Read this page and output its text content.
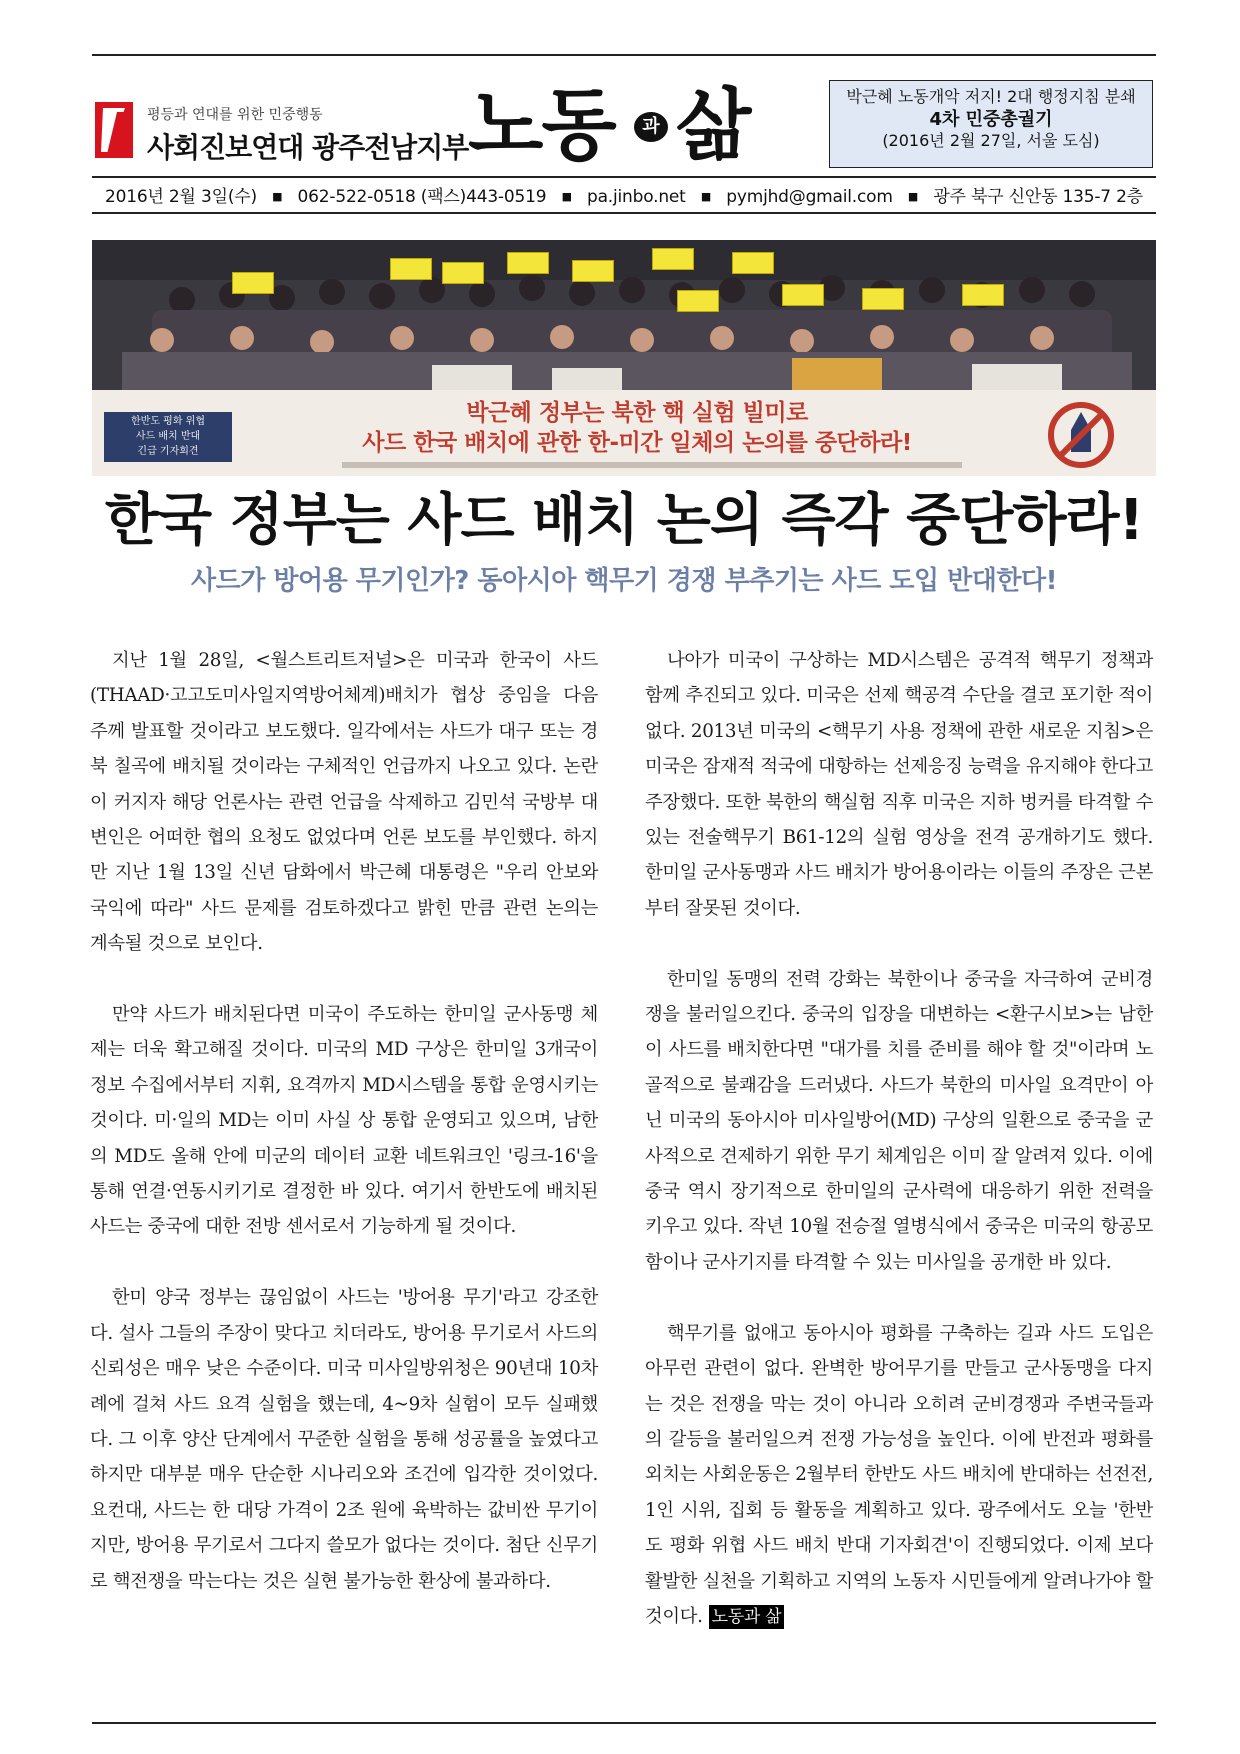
평등과 연대를 위한 민중행동
사회진보연대 광주전남지부 노동	과 삶	박근혜 노동개악 저지! 2대 행정지침 분쇄
4차 민중총궐기
(2016년 2월 27일, 서울 도심)
2016년 2월 3일(수) ■ 062-522-0518 (팩스)443-0519 ■ pa.jinbo.net ■ pymjhd@gmail.com ■ 광주 북구 신안동 135-7 2층
한반도 평화 위협
사드 배치 반대
긴급 기자회견
박근혜 정부는 북한 핵 실험 빌미로
사드 한국 배치에 관한 한-미간 일체의 논의를 중단하라!
한국 정부는 사드 배치 논의 즉각 중단하라!
사드가 방어용 무기인가? 동아시아 핵무기 경쟁 부추기는 사드 도입 반대한다!

지난 1월 28일, <월스트리트저널>은 미국과 한국이 사드(THAAD·고고도미사일지역방어체계)배치가 협상 중임을 다음 주께 발표할 것이라고 보도했다. 일각에서는 사드가 대구 또는 경북 칠곡에 배치될 것이라는 구체적인 언급까지 나오고 있다. 논란이 커지자 해당 언론사는 관련 언급을 삭제하고 김민석 국방부 대변인은 어떠한 협의 요청도 없었다며 언론 보도를 부인했다. 하지만 지난 1월 13일 신년 담화에서 박근혜 대통령은 "우리 안보와 국익에 따라" 사드 문제를 검토하겠다고 밝힌 만큼 관련 논의는 계속될 것으로 보인다.

만약 사드가 배치된다면 미국이 주도하는 한미일 군사동맹 체제는 더욱 확고해질 것이다. 미국의 MD 구상은 한미일 3개국이 정보 수집에서부터 지휘, 요격까지 MD시스템을 통합 운영시키는 것이다. 미·일의 MD는 이미 사실 상 통합 운영되고 있으며, 남한의 MD도 올해 안에 미군의 데이터 교환 네트워크인 '링크-16'을 통해 연결·연동시키기로 결정한 바 있다. 여기서 한반도에 배치된 사드는 중국에 대한 전방 센서로서 기능하게 될 것이다.

한미 양국 정부는 끊임없이 사드는 '방어용 무기'라고 강조한다. 설사 그들의 주장이 맞다고 치더라도, 방어용 무기로서 사드의 신뢰성은 매우 낮은 수준이다. 미국 미사일방위청은 90년대 10차례에 걸쳐 사드 요격 실험을 했는데, 4~9차 실험이 모두 실패했다. 그 이후 양산 단계에서 꾸준한 실험을 통해 성공률을 높였다고 하지만 대부분 매우 단순한 시나리오와 조건에 입각한 것이었다. 요컨대, 사드는 한 대당 가격이 2조 원에 육박하는 값비싼 무기이지만, 방어용 무기로서 그다지 쓸모가 없다는 것이다. 첨단 신무기로 핵전쟁을 막는다는 것은 실현 불가능한 환상에 불과하다.

나아가 미국이 구상하는 MD시스템은 공격적 핵무기 정책과 함께 추진되고 있다. 미국은 선제 핵공격 수단을 결코 포기한 적이 없다. 2013년 미국의 <핵무기 사용 정책에 관한 새로운 지침>은 미국은 잠재적 적국에 대항하는 선제응징 능력을 유지해야 한다고 주장했다. 또한 북한의 핵실험 직후 미국은 지하 벙커를 타격할 수 있는 전술핵무기 B61-12의 실험 영상을 전격 공개하기도 했다. 한미일 군사동맹과 사드 배치가 방어용이라는 이들의 주장은 근본부터 잘못된 것이다.

한미일 동맹의 전력 강화는 북한이나 중국을 자극하여 군비경쟁을 불러일으킨다. 중국의 입장을 대변하는 <환구시보>는 남한이 사드를 배치한다면 "대가를 치를 준비를 해야 할 것"이라며 노골적으로 불쾌감을 드러냈다. 사드가 북한의 미사일 요격만이 아닌 미국의 동아시아 미사일방어(MD) 구상의 일환으로 중국을 군사적으로 견제하기 위한 무기 체계임은 이미 잘 알려져 있다. 이에 중국 역시 장기적으로 한미일의 군사력에 대응하기 위한 전력을 키우고 있다. 작년 10월 전승절 열병식에서 중국은 미국의 항공모함이나 군사기지를 타격할 수 있는 미사일을 공개한 바 있다.

핵무기를 없애고 동아시아 평화를 구축하는 길과 사드 도입은 아무런 관련이 없다. 완벽한 방어무기를 만들고 군사동맹을 다지는 것은 전쟁을 막는 것이 아니라 오히려 군비경쟁과 주변국들과의 갈등을 불러일으켜 전쟁 가능성을 높인다. 이에 반전과 평화를 외치는 사회운동은 2월부터 한반도 사드 배치에 반대하는 선전전, 1인 시위, 집회 등 활동을 계획하고 있다. 광주에서도 오늘 '한반도 평화 위협 사드 배치 반대 기자회견'이 진행되었다. 이제 보다 활발한 실천을 기획하고 지역의 노동자 시민들에게 알려나가야 할 것이다. 노동과 삶
